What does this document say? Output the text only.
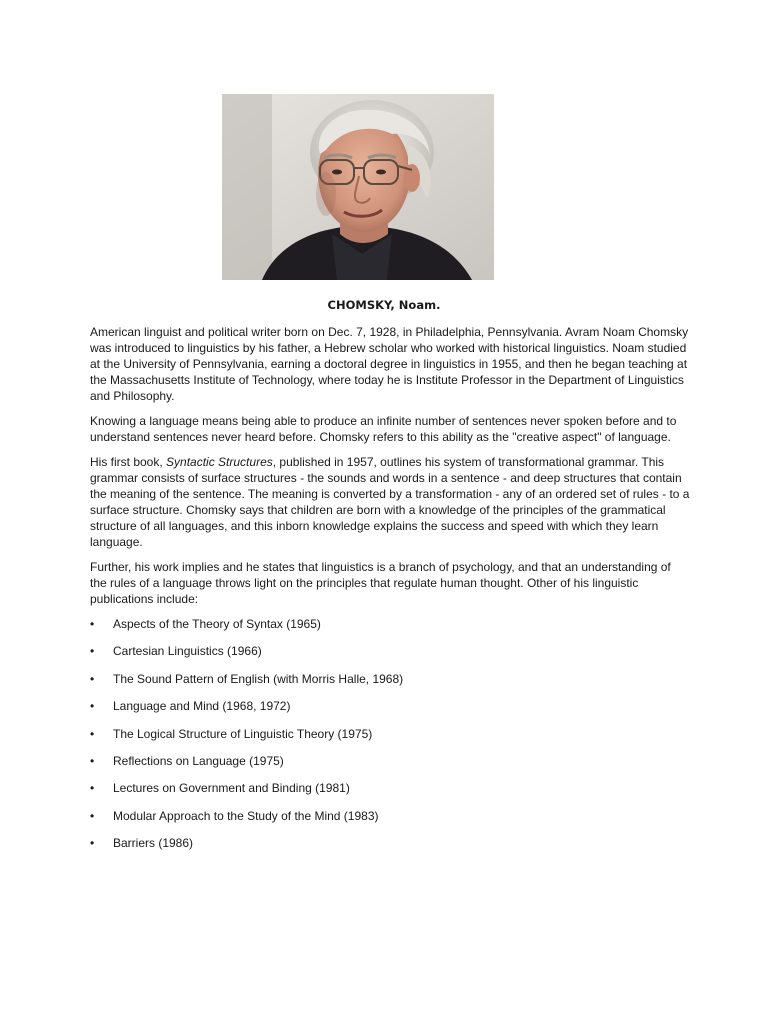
CHOMSKY, Noam.

American linguist and political writer born on Dec. 7, 1928, in Philadelphia, Pennsylvania. Avram Noam Chomsky was introduced to linguistics by his father, a Hebrew scholar who worked with historical linguistics. Noam studied at the University of Pennsylvania, earning a doctoral degree in linguistics in 1955, and then he began teaching at the Massachusetts Institute of Technology, where today he is Institute Professor in the Department of Linguistics and Philosophy.

Knowing a language means being able to produce an infinite number of sentences never spoken before and to understand sentences never heard before. Chomsky refers to this ability as the "creative aspect" of language.

His first book, Syntactic Structures, published in 1957, outlines his system of transformational grammar. This grammar consists of surface structures - the sounds and words in a sentence - and deep structures that contain the meaning of the sentence. The meaning is converted by a transformation - any of an ordered set of rules - to a surface structure. Chomsky says that children are born with a knowledge of the principles of the grammatical structure of all languages, and this inborn knowledge explains the success and speed with which they learn language.

Further, his work implies and he states that linguistics is a branch of psychology, and that an understanding of the rules of a language throws light on the principles that regulate human thought. Other of his linguistic publications include:

• Aspects of the Theory of Syntax (1965)
• Cartesian Linguistics (1966)
• The Sound Pattern of English (with Morris Halle, 1968)
• Language and Mind (1968, 1972)
• The Logical Structure of Linguistic Theory (1975)
• Reflections on Language (1975)
• Lectures on Government and Binding (1981)
• Modular Approach to the Study of the Mind (1983)
• Barriers (1986)
